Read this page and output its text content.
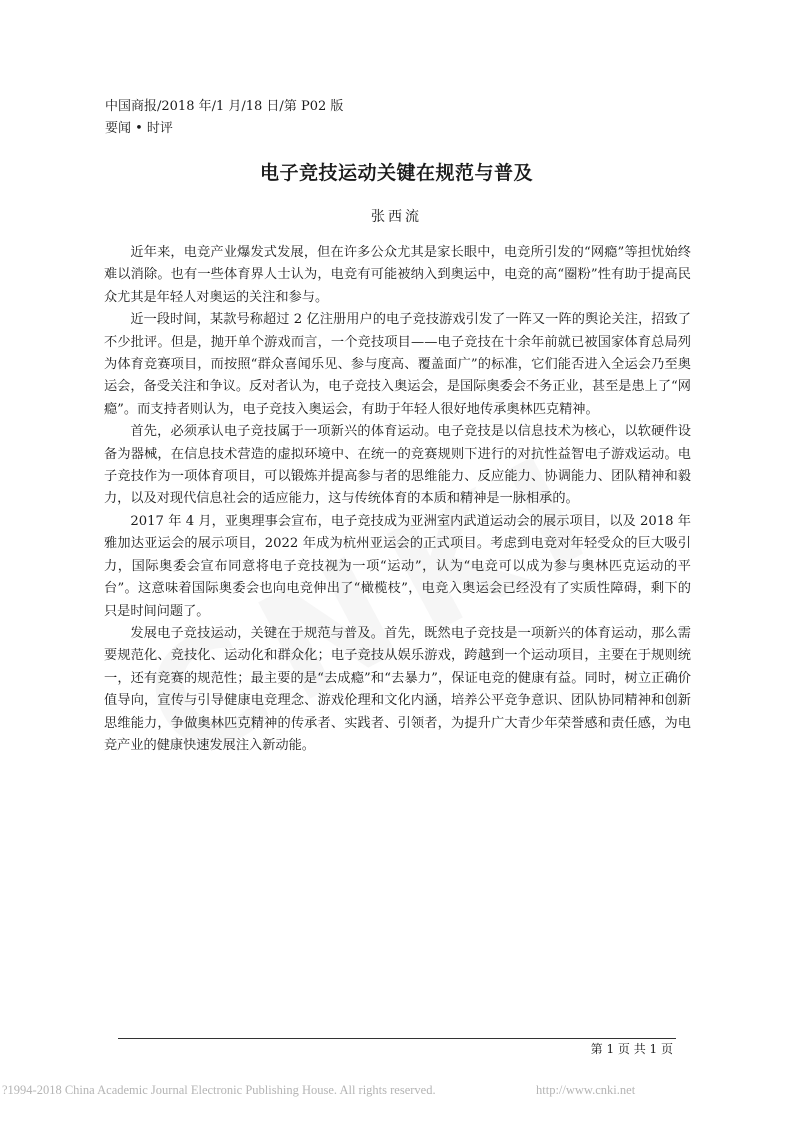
中国商报/2018 年/1 月/18 日/第 P02 版
要闻 • 时评
电子竞技运动关键在规范与普及
张西流

近年来，电竞产业爆发式发展，但在许多公众尤其是家长眼中，电竞所引发的“网瘾”等担忧始终难以消除。也有一些体育界人士认为，电竞有可能被纳入到奥运中，电竞的高“圈粉”性有助于提高民众尤其是年轻人对奥运的关注和参与。

近一段时间，某款号称超过 2 亿注册用户的电子竞技游戏引发了一阵又一阵的舆论关注，招致了不少批评。但是，抛开单个游戏而言，一个竞技项目——电子竞技在十余年前就已被国家体育总局列为体育竞赛项目，而按照“群众喜闻乐见、参与度高、覆盖面广”的标准，它们能否进入全运会乃至奥运会，备受关注和争议。反对者认为，电子竞技入奥运会，是国际奥委会不务正业，甚至是患上了“网瘾”。而支持者则认为，电子竞技入奥运会，有助于年轻人很好地传承奥林匹克精神。

首先，必须承认电子竞技属于一项新兴的体育运动。电子竞技是以信息技术为核心，以软硬件设备为器械，在信息技术营造的虚拟环境中、在统一的竞赛规则下进行的对抗性益智电子游戏运动。电子竞技作为一项体育项目，可以锻炼并提高参与者的思维能力、反应能力、协调能力、团队精神和毅力，以及对现代信息社会的适应能力，这与传统体育的本质和精神是一脉相承的。

2017 年 4 月，亚奥理事会宣布，电子竞技成为亚洲室内武道运动会的展示项目，以及 2018 年雅加达亚运会的展示项目，2022 年成为杭州亚运会的正式项目。考虑到电竞对年轻受众的巨大吸引力，国际奥委会宣布同意将电子竞技视为一项“运动”，认为“电竞可以成为参与奥林匹克运动的平台”。这意味着国际奥委会也向电竞伸出了“橄榄枝”，电竞入奥运会已经没有了实质性障碍，剩下的只是时间问题了。

发展电子竞技运动，关键在于规范与普及。首先，既然电子竞技是一项新兴的体育运动，那么需要规范化、竞技化、运动化和群众化；电子竞技从娱乐游戏，跨越到一个运动项目，主要在于规则统一，还有竞赛的规范性；最主要的是“去成瘾”和“去暴力”，保证电竞的健康有益。同时，树立正确价值导向，宣传与引导健康电竞理念、游戏伦理和文化内涵，培养公平竞争意识、团队协同精神和创新思维能力，争做奥林匹克精神的传承者、实践者、引领者，为提升广大青少年荣誉感和责任感，为电竞产业的健康快速发展注入新动能。

第 1 页 共 1 页
?1994-2018 China Academic Journal Electronic Publishing House. All rights reserved.	http://www.cnki.net
